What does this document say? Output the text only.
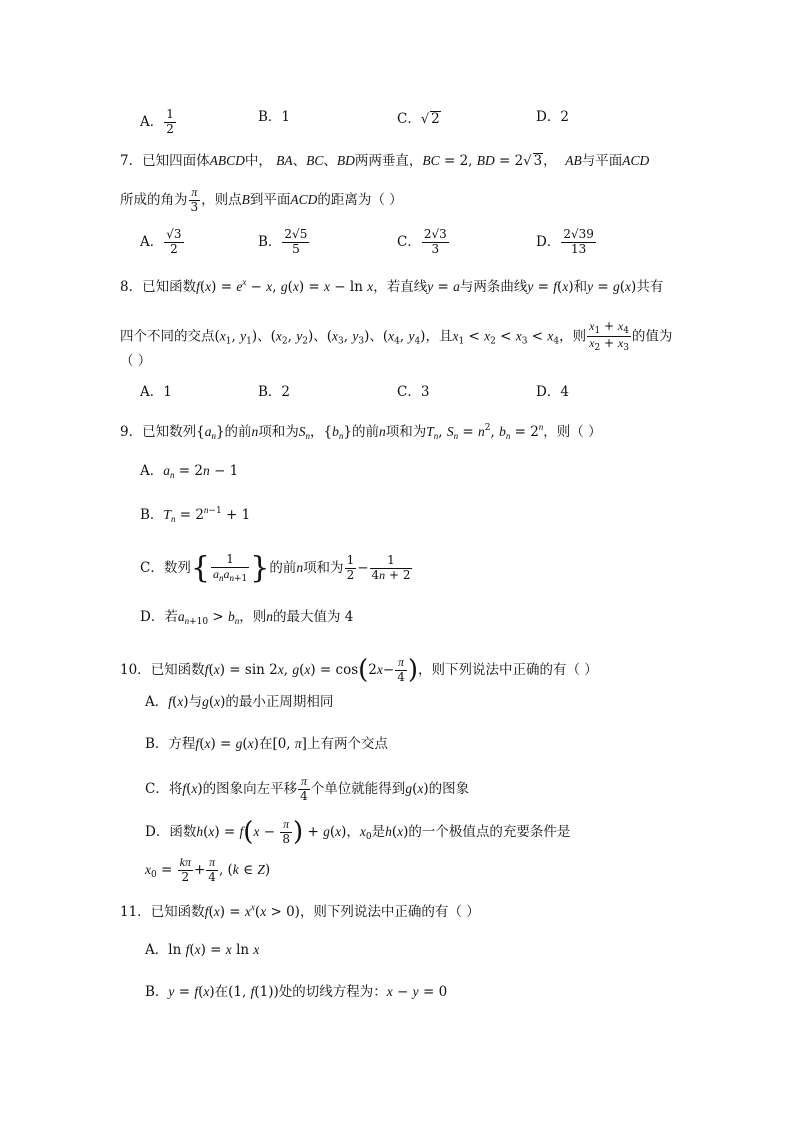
A． $\frac{1}{2}$	B．1	C．√ 2	D．2
7．已知四面体ABCD中， BA、BC、BD两两垂直，BC = 2, BD = 2√ 3，  AB与平面ACD
所成的角为 $\frac{\pi}{3}$ ，则点B到平面ACD的距离为（ ）
A． $\frac{√3}{2}$	B． $\frac{2√5}{5}$	C． $\frac{2√3}{3}$	D． $\frac{2√39}{13}$
8．已知函数$f(x) = e^x - x$, g(x) = x − ln x，若直线y = a与两条曲线y = f(x)和y = g(x)共有
四个不同的交点($x_1$, $y_1$)、($x_2$, $y_2$)、($x_3$, $y_3$)、($x_4$, $y_4$)，且$x_1 < x_2 < x_3 < x_4$，则 $\frac{x_1 + x_4}{x_2 + x_3}$ 的值为
（ ）
A．1	B．2	C．3	D．4
9．已知数列$\{a_n\}$的前n项和为$S_n$，$\{b_n\}$的前n项和为$T_n$, $S_n = n^2$, $b_n = 2^n$，则（ ）
A．$a_n = 2n - 1$
B．$T_n = 2^{n-1} + 1$
C．数列{ $\frac{1}{a_na_{n+1}}$ }的前n项和为 $\frac{1}{2} - \frac{1}{4n + 2}$
D．若$a_{n+10} > b_n$，则n的最大值为 4
10．已知函数f(x) = sin 2x, $g(x) = \cos(2x- \frac{\pi}{4}$ )，则下列说法中正确的有（ ）
A．f(x)与g(x)的最小正周期相同
B．方程f(x) = g(x)在[0, π]上有两个交点
C．将f(x)的图象向左平移 $\frac{\pi}{4}$ 个单位就能得到g(x)的图象
D．函数$h(x) = f(x - \frac{\pi}{8}$ ) + g(x)，$x_0$是h(x)的一个极值点的充要条件是
$x_0 = \frac{k\pi}{2} + \frac{\pi}{4}$ , (k ∈ Z)
11．已知函数$f(x) = x^x(x > 0)$，则下列说法中正确的有（ ）
A．ln f(x) = x ln x
B．y = f(x)在(1, f(1))处的切线方程为：x − y = 0
